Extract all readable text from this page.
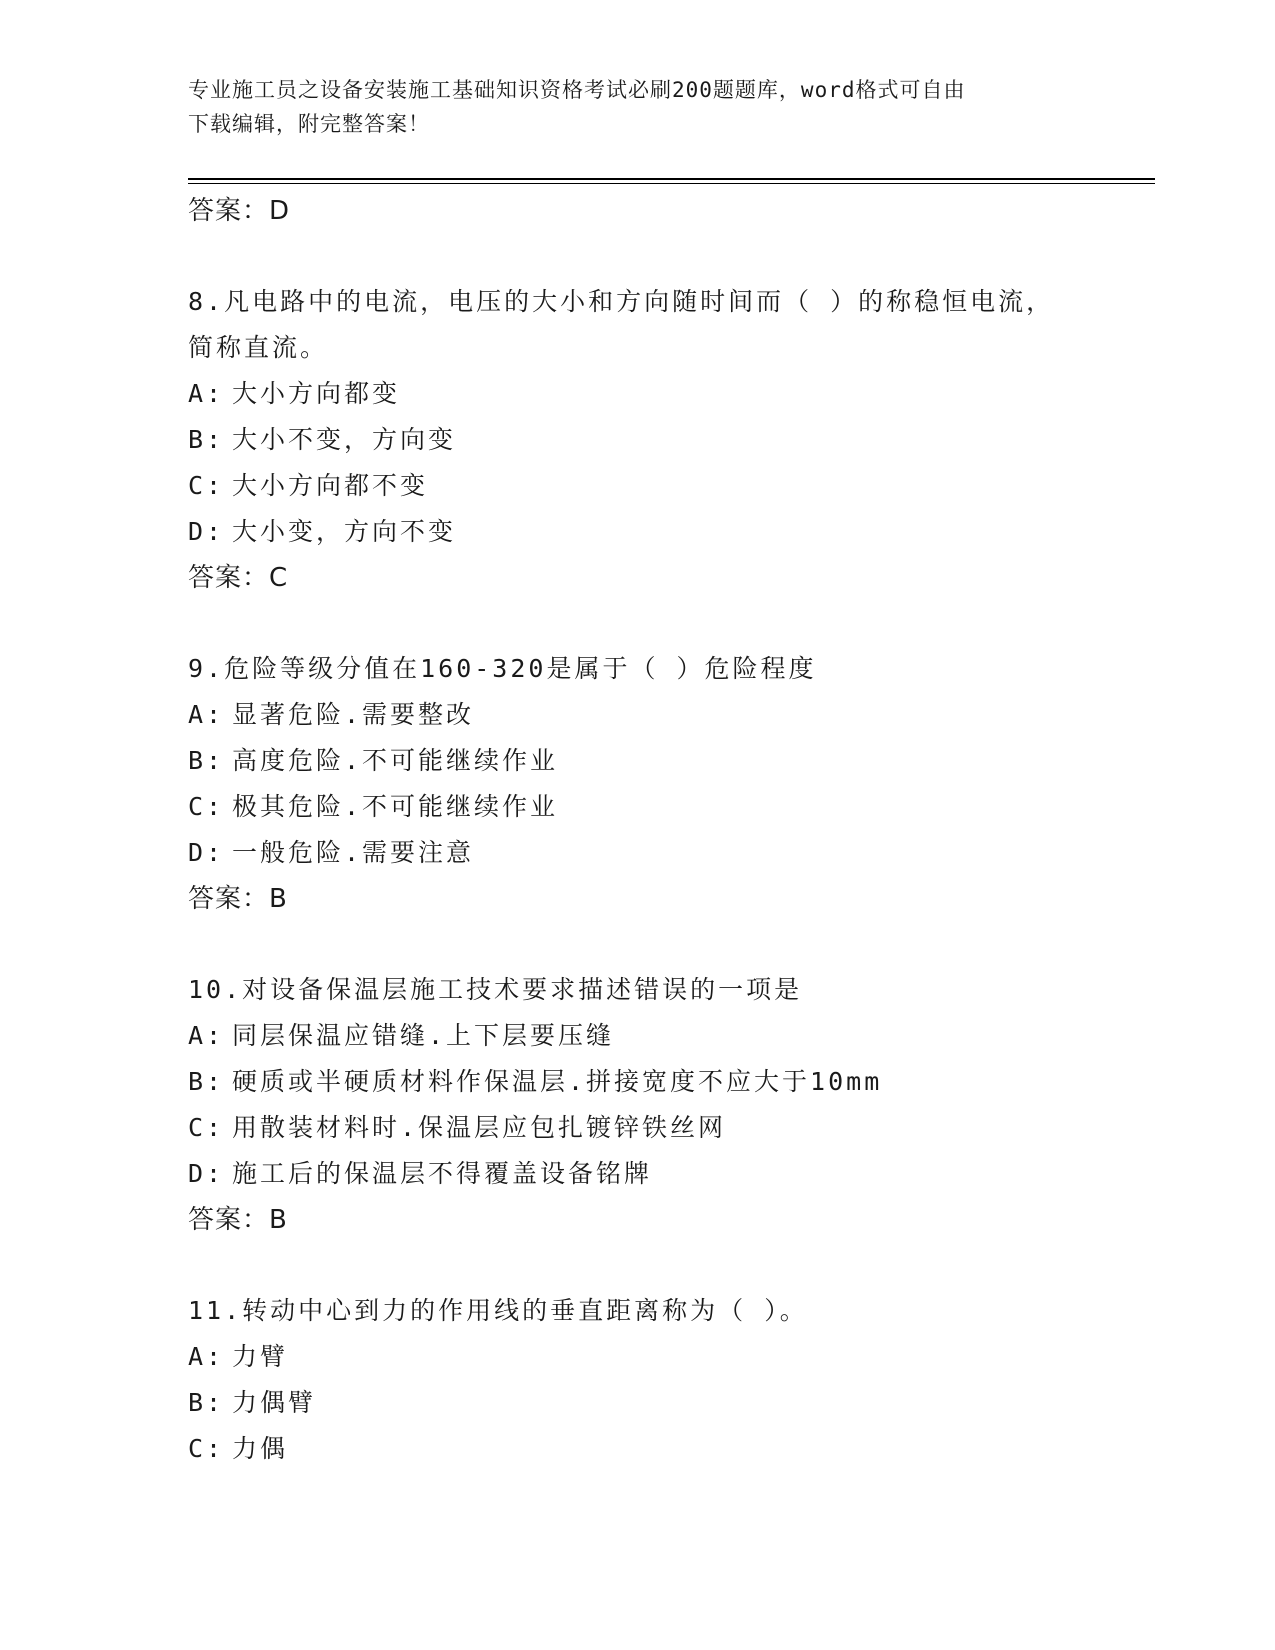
专业施工员之设备安装施工基础知识资格考试必刷200题题库，word格式可自由
下载编辑，附完整答案！
答案：D
8.凡电路中的电流，电压的大小和方向随时间而（ ）的称稳恒电流，
简称直流。
A: 大小方向都变
B: 大小不变，方向变
C: 大小方向都不变
D: 大小变，方向不变
答案：C
9.危险等级分值在160-320是属于（ ）危险程度
A: 显著危险.需要整改
B: 高度危险.不可能继续作业
C: 极其危险.不可能继续作业
D: 一般危险.需要注意
答案：B
10.对设备保温层施工技术要求描述错误的一项是
A: 同层保温应错缝.上下层要压缝
B: 硬质或半硬质材料作保温层.拼接宽度不应大于10mm
C: 用散装材料时.保温层应包扎镀锌铁丝网
D: 施工后的保温层不得覆盖设备铭牌
答案：B
11.转动中心到力的作用线的垂直距离称为（ ）。
A: 力臂
B: 力偶臂
C: 力偶
